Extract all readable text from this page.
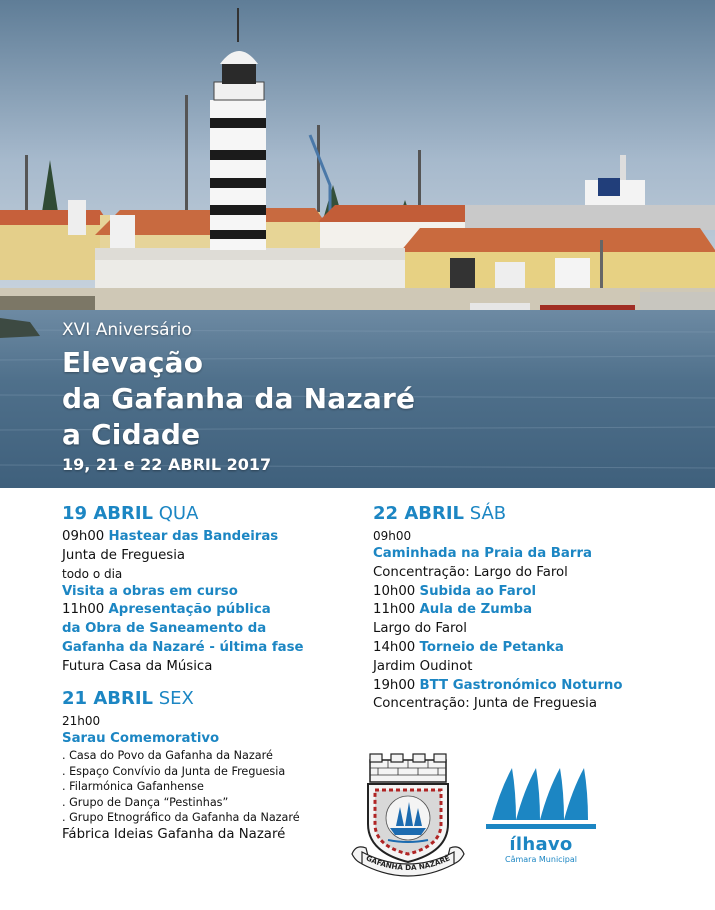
XVI Aniversário
Elevação
da Gafanha da Nazaré
a Cidade
19, 21 e 22 ABRIL 2017
19 ABRIL QUA
09h00 Hastear das Bandeiras
Junta de Freguesia
todo o dia
Visita a obras em curso
11h00 Apresentação pública
da Obra de Saneamento da
Gafanha da Nazaré - última fase
Futura Casa da Música
21 ABRIL SEX
21h00
Sarau Comemorativo
. Casa do Povo da Gafanha da Nazaré
. Espaço Convívio da Junta de Freguesia
. Filarmónica Gafanhense
. Grupo de Dança “Pestinhas”
. Grupo Etnográfico da Gafanha da Nazaré
Fábrica Ideias Gafanha da Nazaré
22 ABRIL SÁB
09h00
Caminhada na Praia da Barra
Concentração: Largo do Farol
10h00 Subida ao Farol
11h00 Aula de Zumba
Largo do Farol
14h00 Torneio de Petanka
Jardim Oudinot
19h00 BTT Gastronómico Noturno
Concentração: Junta de Freguesia
GAFANHA DA NAZARÉ
ílhavo
Câmara Municipal
